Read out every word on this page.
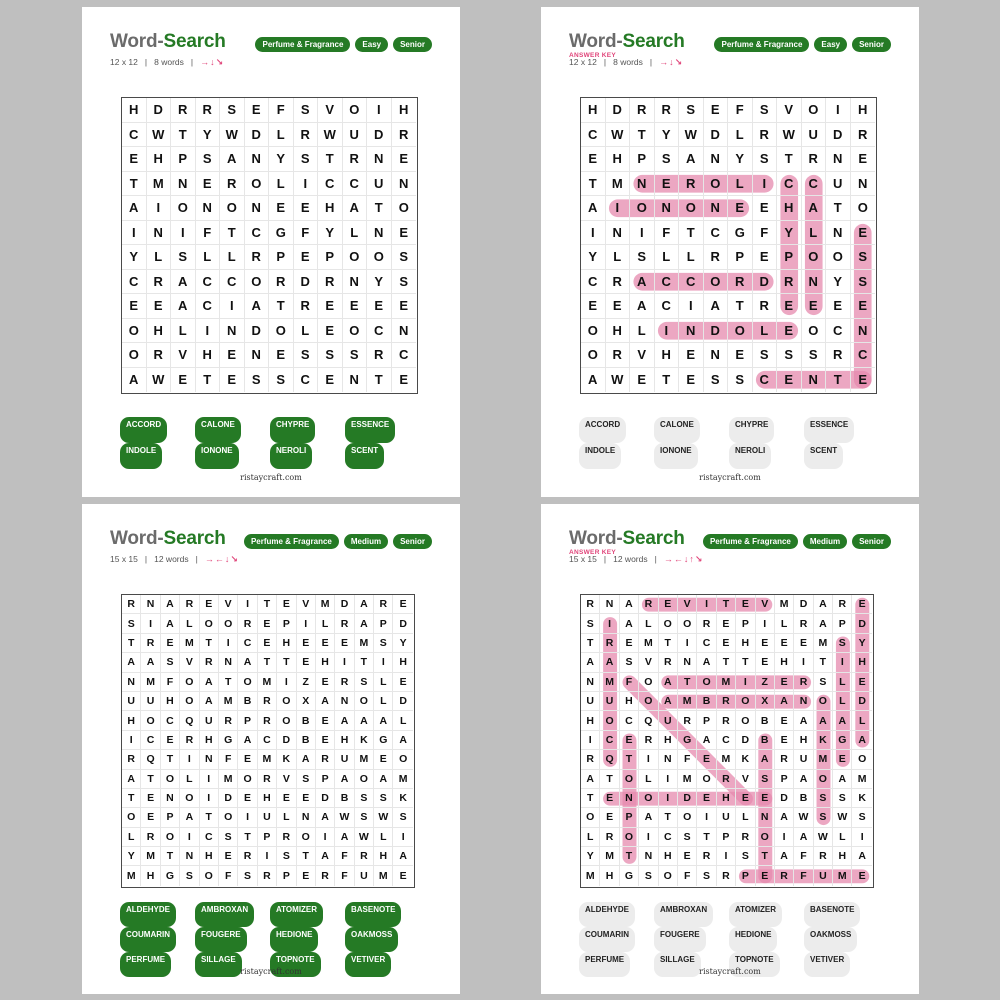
Word-Search	Perfume & Fragrance	Easy	Senior
12 x 12 | 8 words | →↓↘
H	D	R	R	S	E	F	S	V	O	I	H
C	W	T	Y	W	D	L	R	W	U	D	R
E	H	P	S	A	N	Y	S	T	R	N	E
T	M	N	E	R	O	L	I	C	C	U	N
A	I	O	N	O	N	E	E	H	A	T	O
I	N	I	F	T	C	G	F	Y	L	N	E
Y	L	S	L	L	R	P	E	P	O	O	S
C	R	A	C	C	O	R	D	R	N	Y	S
E	E	A	C	I	A	T	R	E	E	E	E
O	H	L	I	N	D	O	L	E	O	C	N
O	R	V	H	E	N	E	S	S	S	R	C
A	W	E	T	E	S	S	C	E	N	T	E
ACCORD	CALONE	CHYPRE	ESSENCE
INDOLE	IONONE	NEROLI	SCENT
ristaycraft.com
Word-Search	Perfume & Fragrance	Easy	Senior
ANSWER KEY
12 x 12 | 8 words | →↓↘
H	D	R	R	S	E	F	S	V	O	I	H
C	W	T	Y	W	D	L	R	W	U	D	R
E	H	P	S	A	N	Y	S	T	R	N	E
T	M	N	E	R	O	L	I	C	C	U	N
A	I	O	N	O	N	E	E	H	A	T	O
I	N	I	F	T	C	G	F	Y	L	N	E
Y	L	S	L	L	R	P	E	P	O	O	S
C	R	A	C	C	O	R	D	R	N	Y	S
E	E	A	C	I	A	T	R	E	E	E	E
O	H	L	I	N	D	O	L	E	O	C	N
O	R	V	H	E	N	E	S	S	S	R	C
A	W	E	T	E	S	S	C	E	N	T	E
ACCORD	CALONE	CHYPRE	ESSENCE
INDOLE	IONONE	NEROLI	SCENT
ristaycraft.com
Word-Search	Perfume & Fragrance	Medium	Senior
15 x 15 | 12 words | →←↓↘
R	N	A	R	E	V	I	T	E	V	M	D	A	R	E
S	I	A	L	O	O	R	E	P	I	L	R	A	P	D
T	R	E	M	T	I	C	E	H	E	E	E	M	S	Y
A	A	S	V	R	N	A	T	T	E	H	I	T	I	H
N	M	F	O	A	T	O	M	I	Z	E	R	S	L	E
U	U	H	O	A	M	B	R	O	X	A	N	O	L	D
H	O	C	Q	U	R	P	R	O	B	E	A	A	A	L
I	C	E	R	H	G	A	C	D	B	E	H	K	G	A
R	Q	T	I	N	F	E	M	K	A	R	U	M	E	O
A	T	O	L	I	M	O	R	V	S	P	A	O	A	M
T	E	N	O	I	D	E	H	E	E	D	B	S	S	K
O	E	P	A	T	O	I	U	L	N	A	W	S	W	S
L	R	O	I	C	S	T	P	R	O	I	A	W	L	I
Y	M	T	N	H	E	R	I	S	T	A	F	R	H	A
M	H	G	S	O	F	S	R	P	E	R	F	U	M	E
ALDEHYDE	AMBROXAN	ATOMIZER	BASENOTE
COUMARIN	FOUGERE	HEDIONE	OAKMOSS
PERFUME	SILLAGE	TOPNOTE	VETIVER
ristaycraft.com
Word-Search	Perfume & Fragrance	Medium	Senior
ANSWER KEY
15 x 15 | 12 words | →←↓↑↘
R	N	A	R	E	V	I	T	E	V	M	D	A	R	E
S	I	A	L	O	O	R	E	P	I	L	R	A	P	D
T	R	E	M	T	I	C	E	H	E	E	E	M	S	Y
A	A	S	V	R	N	A	T	T	E	H	I	T	I	H
N	M	F	O	A	T	O	M	I	Z	E	R	S	L	E
U	U	H	O	A	M	B	R	O	X	A	N	O	L	D
H	O	C	Q	U	R	P	R	O	B	E	A	A	A	L
I	C	E	R	H	G	A	C	D	B	E	H	K	G	A
R	Q	T	I	N	F	E	M	K	A	R	U	M	E	O
A	T	O	L	I	M	O	R	V	S	P	A	O	A	M
T	E	N	O	I	D	E	H	E	E	D	B	S	S	K
O	E	P	A	T	O	I	U	L	N	A	W	S	W	S
L	R	O	I	C	S	T	P	R	O	I	A	W	L	I
Y	M	T	N	H	E	R	I	S	T	A	F	R	H	A
M	H	G	S	O	F	S	R	P	E	R	F	U	M	E
ALDEHYDE	AMBROXAN	ATOMIZER	BASENOTE
COUMARIN	FOUGERE	HEDIONE	OAKMOSS
PERFUME	SILLAGE	TOPNOTE	VETIVER
ristaycraft.com
